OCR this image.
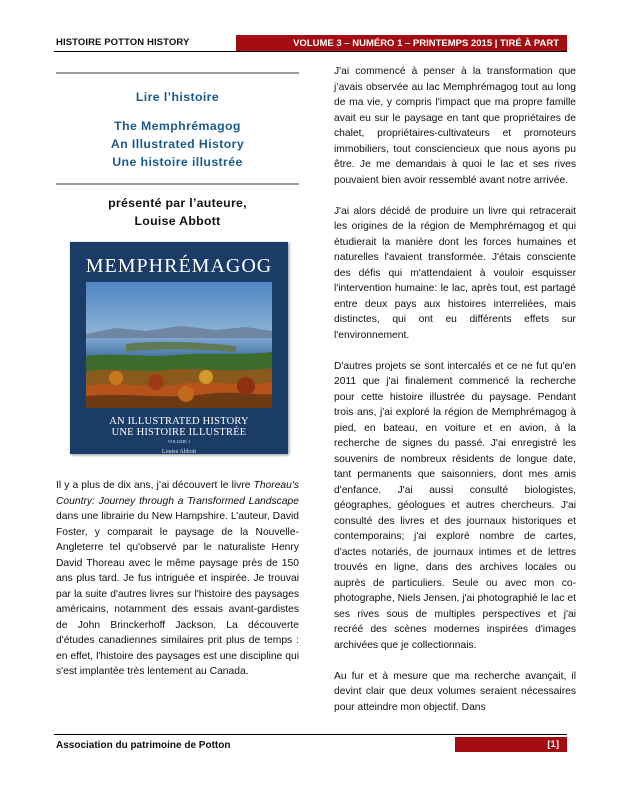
HISTOIRE POTTON HISTORY	VOLUME 3 – NUMÉRO 1 – PRINTEMPS 2015 | TIRÉ À PART
Lire l’histoire
The Memphrémagog
An Illustrated History
Une histoire illustrée
présenté par l’auteure,
Louise Abbott
MEMPHRÉMAGOG
AN ILLUSTRATED HISTORY
UNE HISTOIRE ILLUSTRÉE
VOLUME 1
Louise Abbott

Il y a plus de dix ans, j’ai découvert le livre Thoreau's Country: Journey through a Transformed Landscape dans une librairie du New Hampshire. L’auteur, David Foster, y comparait le paysage de la Nouvelle-Angleterre tel qu'observé par le naturaliste Henry David Thoreau avec le même paysage près de 150 ans plus tard. Je fus intriguée et inspirée. Je trouvai par la suite d'autres livres sur l'histoire des paysages américains, notamment des essais avant-gardistes de John Brinckerhoff Jackson. La découverte d'études canadiennes similaires prit plus de temps : en effet, l'histoire des paysages est une discipline qui s'est implantée très lentement au Canada.

J'ai commencé à penser à la transformation que j’avais observée au lac Memphrémagog tout au long de ma vie, y compris l'impact que ma propre famille avait eu sur le paysage en tant que propriétaires de chalet, propriétaires-cultivateurs et promoteurs immobiliers, tout conscienciеux que nous ayons pu être. Je me demandais à quoi le lac et ses rives pouvaient bien avoir ressemblé avant notre arrivée.

J'ai alors décidé de produire un livre qui retracerait les origines de la région de Memphrémagog et qui étudierait la manière dont les forces humaines et naturelles l'avaient transformée. J'étais consciente des défis qui m'attendaient à vouloir esquisser l'intervention humaine: le lac, après tout, est partagé entre deux pays aux histoires interreliées, mais distinctes, qui ont eu différents effets sur l'environnement.

D'autres projets se sont intercalés et ce ne fut qu'en 2011 que j'ai finalement commencé la recherche pour cette histoire illustrée du paysage. Pendant trois ans, j'ai exploré la région de Memphrémagog à pied, en bateau, en voiture et en avion, à la recherche de signes du passé. J'ai enregistré les souvenirs de nombreux résidents de longue date, tant permanents que saisonniers, dont mes amis d'enfance. J'ai aussi consulté biologistes, géographes, géologues et autres chercheurs. J'ai consulté des livres et des journaux historiques et contemporains; j'ai exploré nombre de cartes, d'actes notariés, de journaux intimes et de lettres trouvés en ligne, dans des archives locales ou auprès de particuliers. Seule ou avec mon co-photographe, Niels Jensen, j'ai photographié le lac et ses rives sous de multiples perspectives et j'ai recréé des scènes modernes inspirées d'images archivées que je collectionnais.

Au fur et à mesure que ma recherche avançait, il devint clair que deux volumes seraient nécessaires pour atteindre mon objectif. Dans

Association du patrimoine de Potton	[1]
